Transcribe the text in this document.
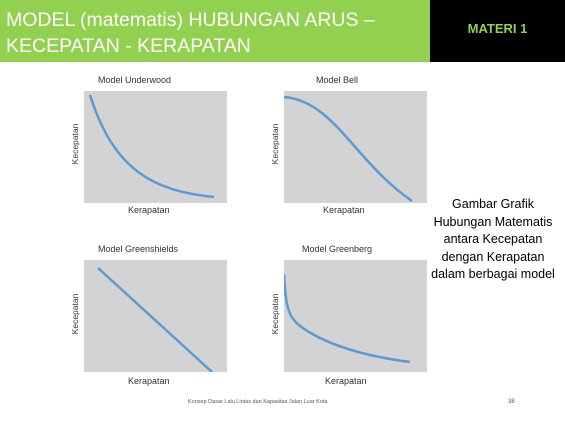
MODEL (matematis) HUBUNGAN ARUS – KECEPATAN - KERAPATAN
MATERI 1
Model Underwood
Kecepatan
Kerapatan
Model Bell
Kecepatan
Kerapatan
Model Greenshields
Kecepatan
Kerapatan
Model Greenberg
Kecepatan
Kerapatan
Gambar Grafik Hubungan Matematis antara Kecepatan dengan Kerapatan dalam berbagai model
Konsep Dasar Lalu Lintas dan Kapasitas Jalan Luar Kota	38
